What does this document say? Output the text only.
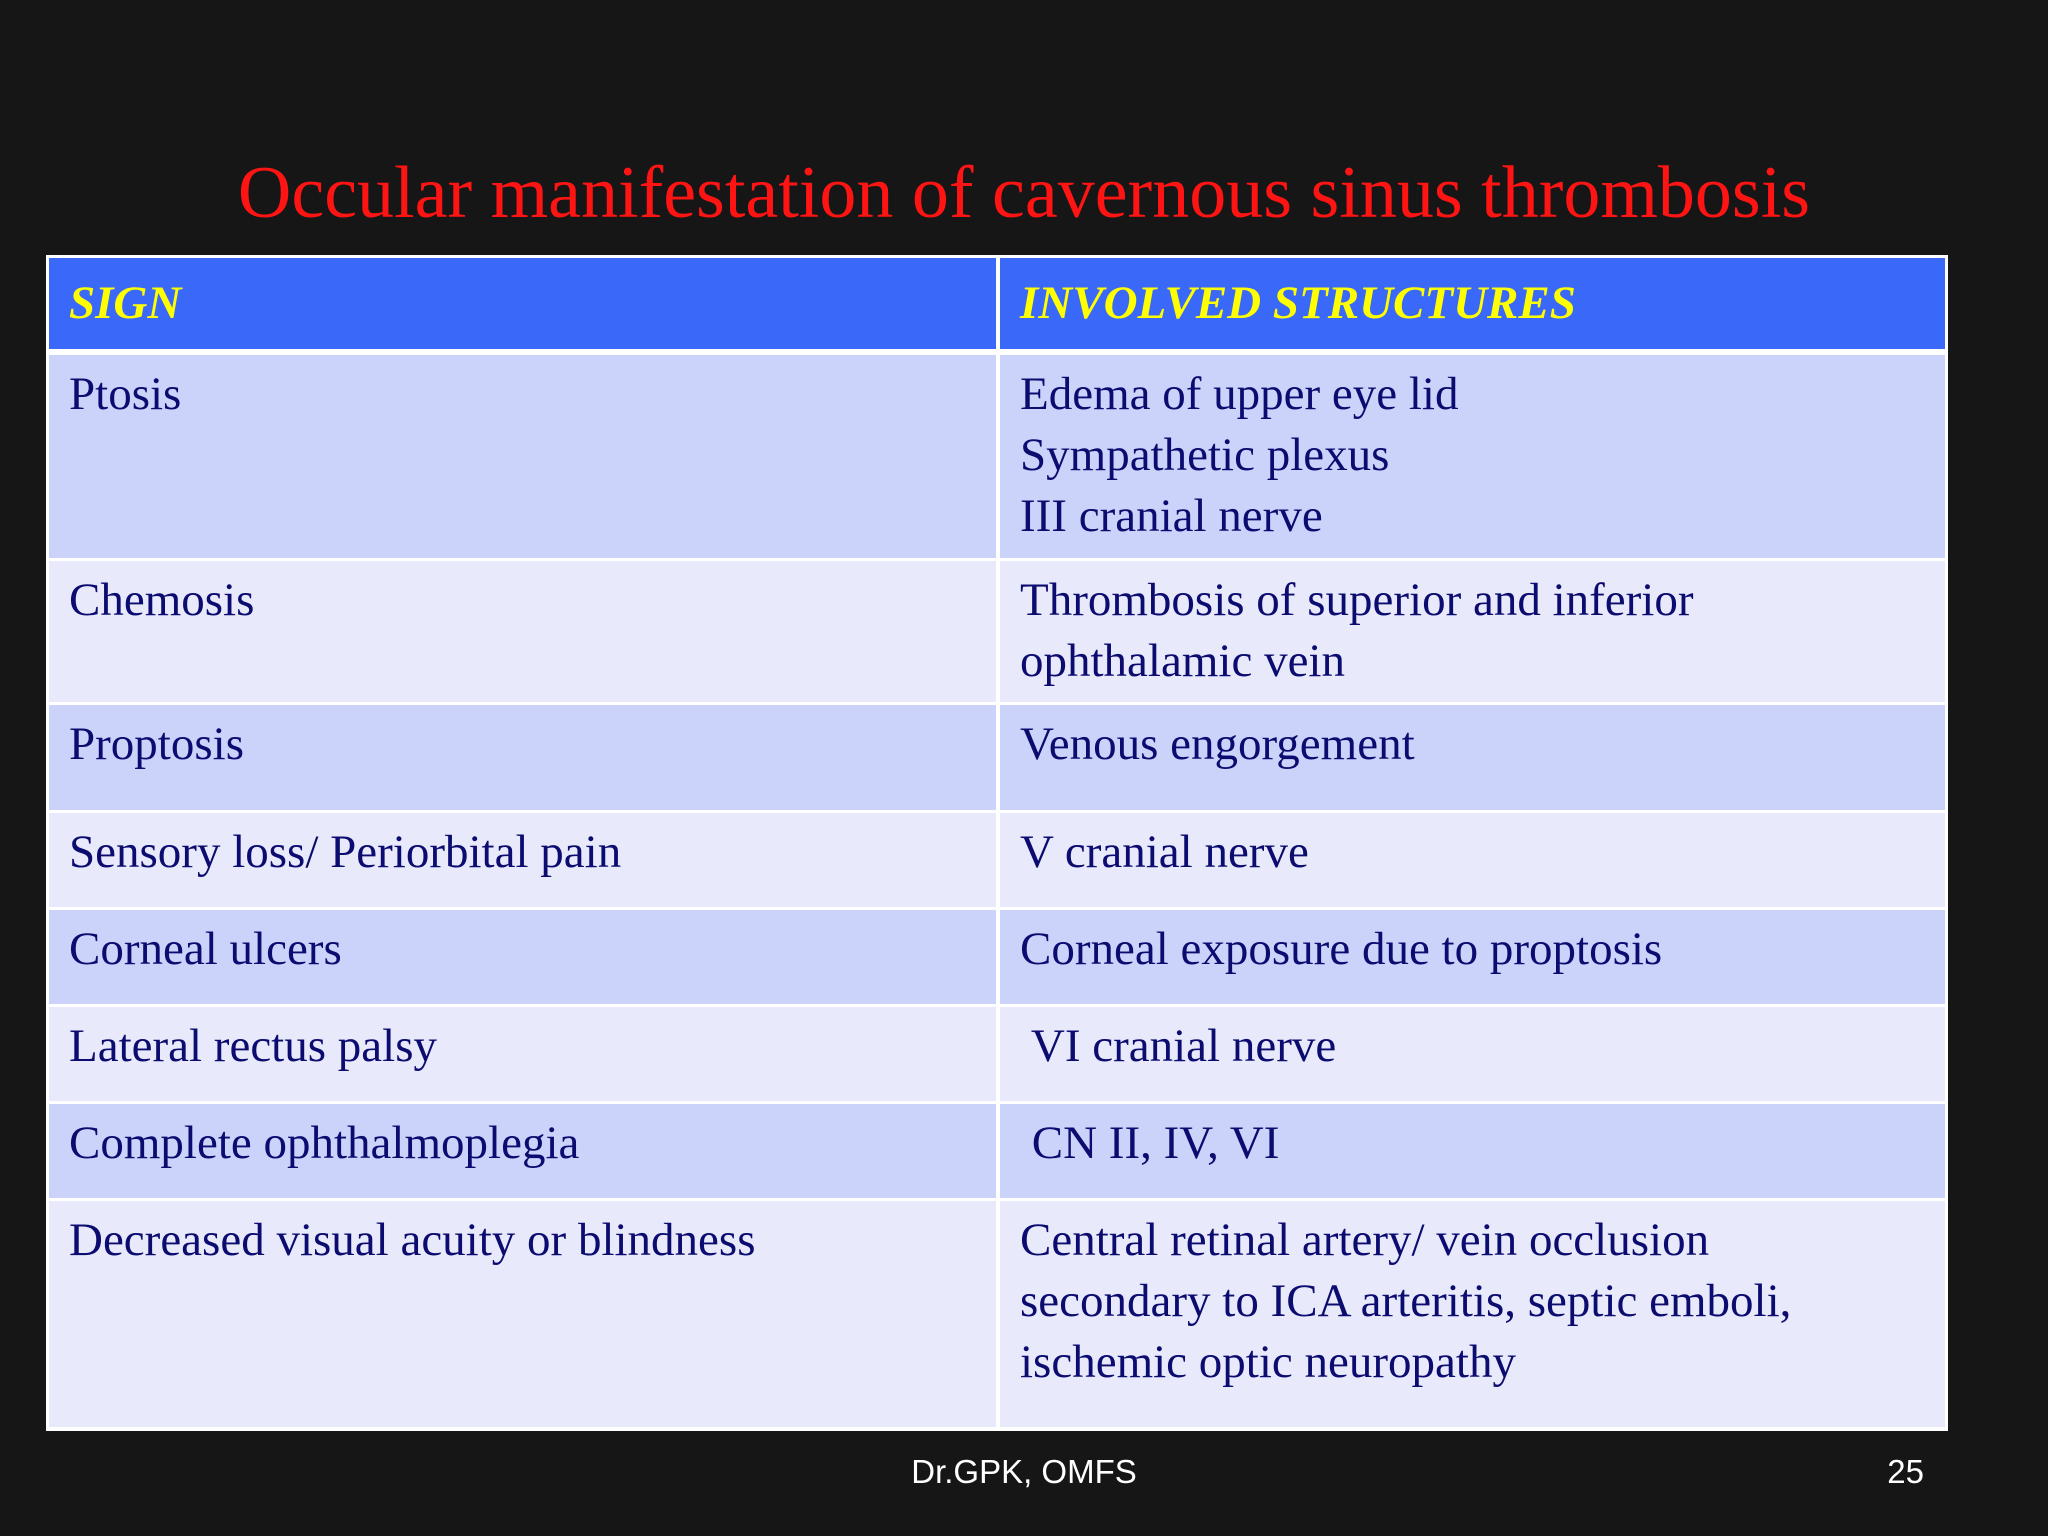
Occular manifestation of cavernous sinus thrombosis
SIGN	INVOLVED STRUCTURES

Ptosis	Edema of upper eye lid
Sympathetic plexus
III cranial nerve

Chemosis	Thrombosis of superior and inferior
ophthalamic vein

Proptosis	Venous engorgement

Sensory loss/ Periorbital pain	V cranial nerve

Corneal ulcers	Corneal exposure due to proptosis

Lateral rectus palsy	VI cranial nerve

Complete ophthalmoplegia	CN II, IV, VI

Decreased visual acuity or blindness	Central retinal artery/ vein occlusion
secondary to ICA arteritis, septic emboli,
ischemic optic neuropathy
Dr.GPK, OMFS	25
